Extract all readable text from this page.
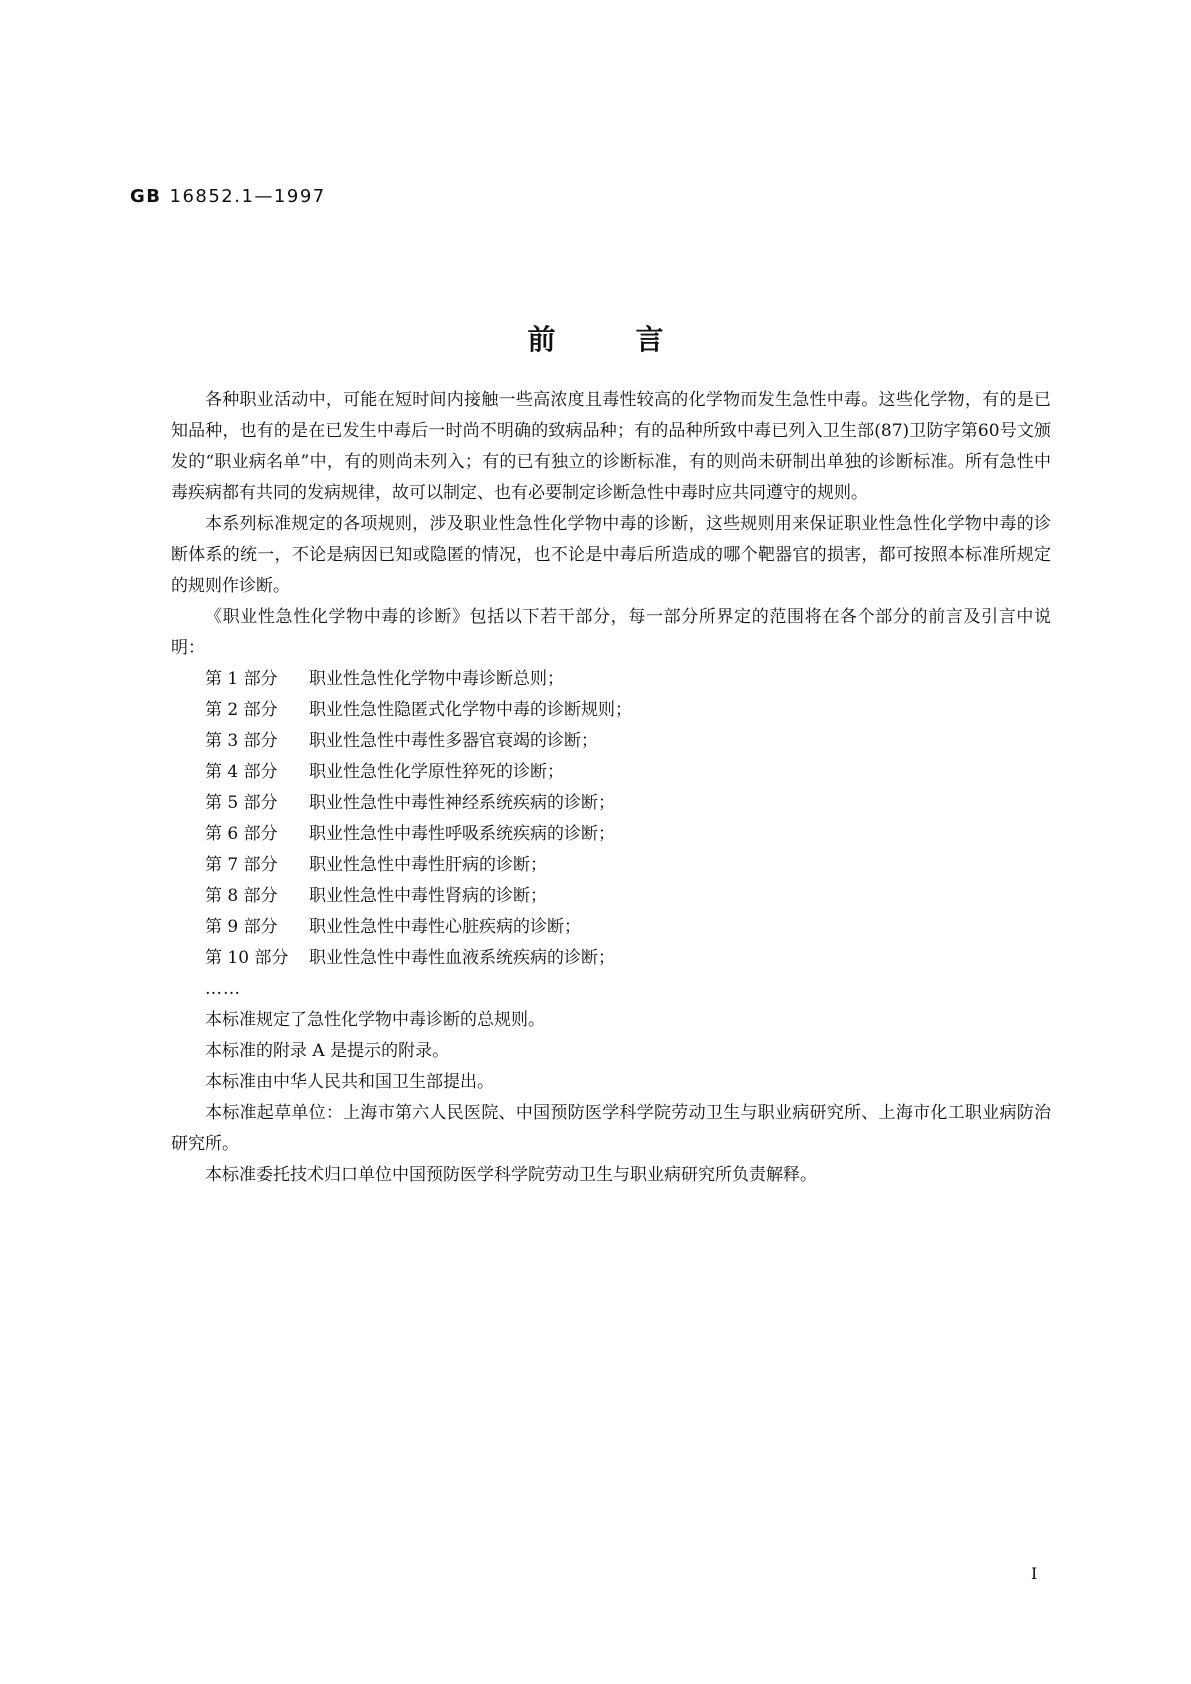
GB 16852.1—1997
前言

各种职业活动中，可能在短时间内接触一些高浓度且毒性较高的化学物而发生急性中毒。这些化学物，有的是已知品种，也有的是在已发生中毒后一时尚不明确的致病品种；有的品种所致中毒已列入卫生部(87)卫防字第60号文颁发的“职业病名单”中，有的则尚未列入；有的已有独立的诊断标准，有的则尚未研制出单独的诊断标准。所有急性中毒疾病都有共同的发病规律，故可以制定、也有必要制定诊断急性中毒时应共同遵守的规则。

本系列标准规定的各项规则，涉及职业性急性化学物中毒的诊断，这些规则用来保证职业性急性化学物中毒的诊断体系的统一，不论是病因已知或隐匿的情况，也不论是中毒后所造成的哪个靶器官的损害，都可按照本标准所规定的规则作诊断。

《职业性急性化学物中毒的诊断》包括以下若干部分，每一部分所界定的范围将在各个部分的前言及引言中说明：

第 1 部分	职业性急性化学物中毒诊断总则；
第 2 部分	职业性急性隐匿式化学物中毒的诊断规则；
第 3 部分	职业性急性中毒性多器官衰竭的诊断；
第 4 部分	职业性急性化学原性猝死的诊断；
第 5 部分	职业性急性中毒性神经系统疾病的诊断；
第 6 部分	职业性急性中毒性呼吸系统疾病的诊断；
第 7 部分	职业性急性中毒性肝病的诊断；
第 8 部分	职业性急性中毒性肾病的诊断；
第 9 部分	职业性急性中毒性心脏疾病的诊断；
第 10 部分	职业性急性中毒性血液系统疾病的诊断；
……

本标准规定了急性化学物中毒诊断的总规则。

本标准的附录 A 是提示的附录。

本标准由中华人民共和国卫生部提出。

本标准起草单位：上海市第六人民医院、中国预防医学科学院劳动卫生与职业病研究所、上海市化工职业病防治研究所。

本标准委托技术归口单位中国预防医学科学院劳动卫生与职业病研究所负责解释。

I
